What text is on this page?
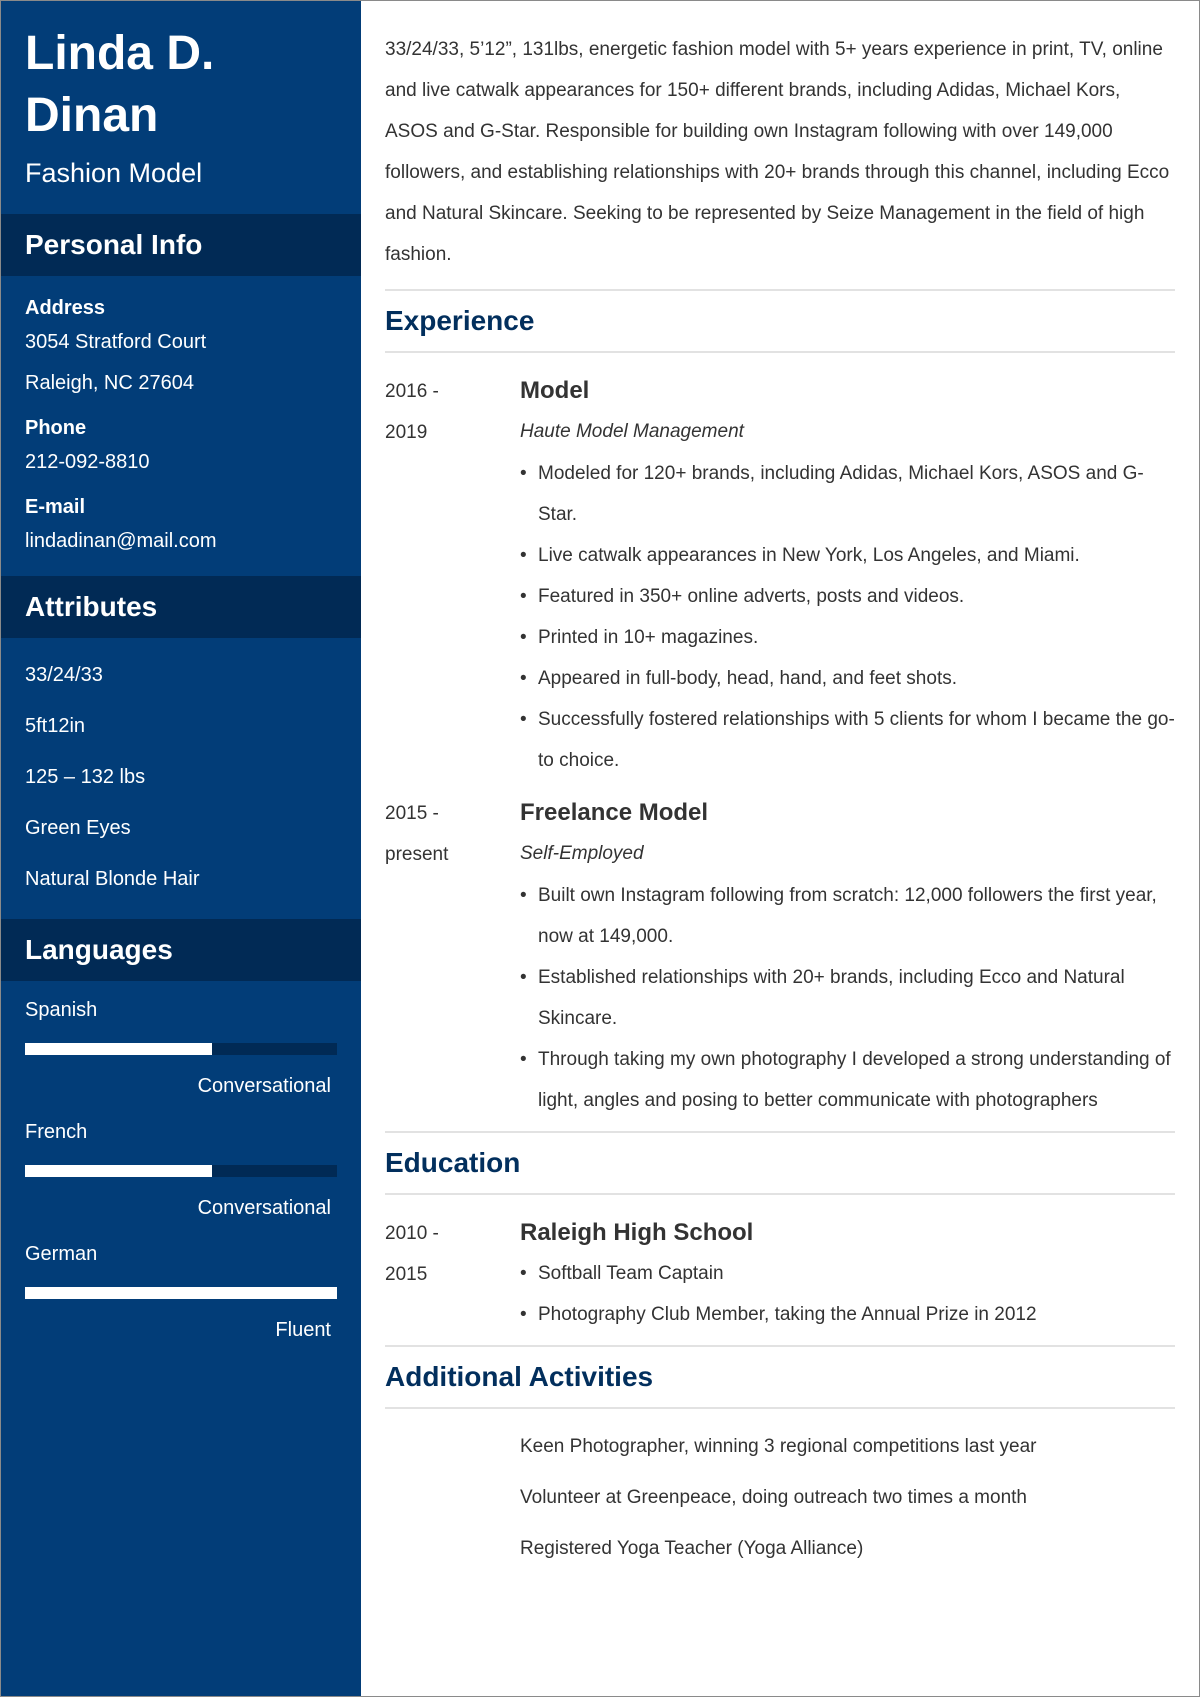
Linda D.
Dinan
Fashion Model
Personal Info
Address
3054 Stratford Court
Raleigh, NC 27604
Phone
212-092-8810
E-mail
lindadinan@mail.com
Attributes
33/24/33
5ft12in
125 – 132 lbs
Green Eyes
Natural Blonde Hair
Languages
Spanish
Conversational
French
Conversational
German
Fluent

33/24/33, 5’12”, 131lbs, energetic fashion model with 5+ years experience in print, TV, online and live catwalk appearances for 150+ different brands, including Adidas, Michael Kors, ASOS and G-Star. Responsible for building own Instagram following with over 149,000 followers, and establishing relationships with 20+ brands through this channel, including Ecco and Natural Skincare. Seeking to be represented by Seize Management in the field of high fashion.

Experience
2016 -
2019
Model
Haute Model Management
• Modeled for 120+ brands, including Adidas, Michael Kors, ASOS and G-Star.
• Live catwalk appearances in New York, Los Angeles, and Miami.
• Featured in 350+ online adverts, posts and videos.
• Printed in 10+ magazines.
• Appeared in full-body, head, hand, and feet shots.
• Successfully fostered relationships with 5 clients for whom I became the go-to choice.
2015 -
present
Freelance Model
Self-Employed
• Built own Instagram following from scratch: 12,000 followers the first year, now at 149,000.
• Established relationships with 20+ brands, including Ecco and Natural Skincare.
• Through taking my own photography I developed a strong understanding of light, angles and posing to better communicate with photographers
Education
2010 -
2015
Raleigh High School
• Softball Team Captain
• Photography Club Member, taking the Annual Prize in 2012
Additional Activities
Keen Photographer, winning 3 regional competitions last year
Volunteer at Greenpeace, doing outreach two times a month
Registered Yoga Teacher (Yoga Alliance)
